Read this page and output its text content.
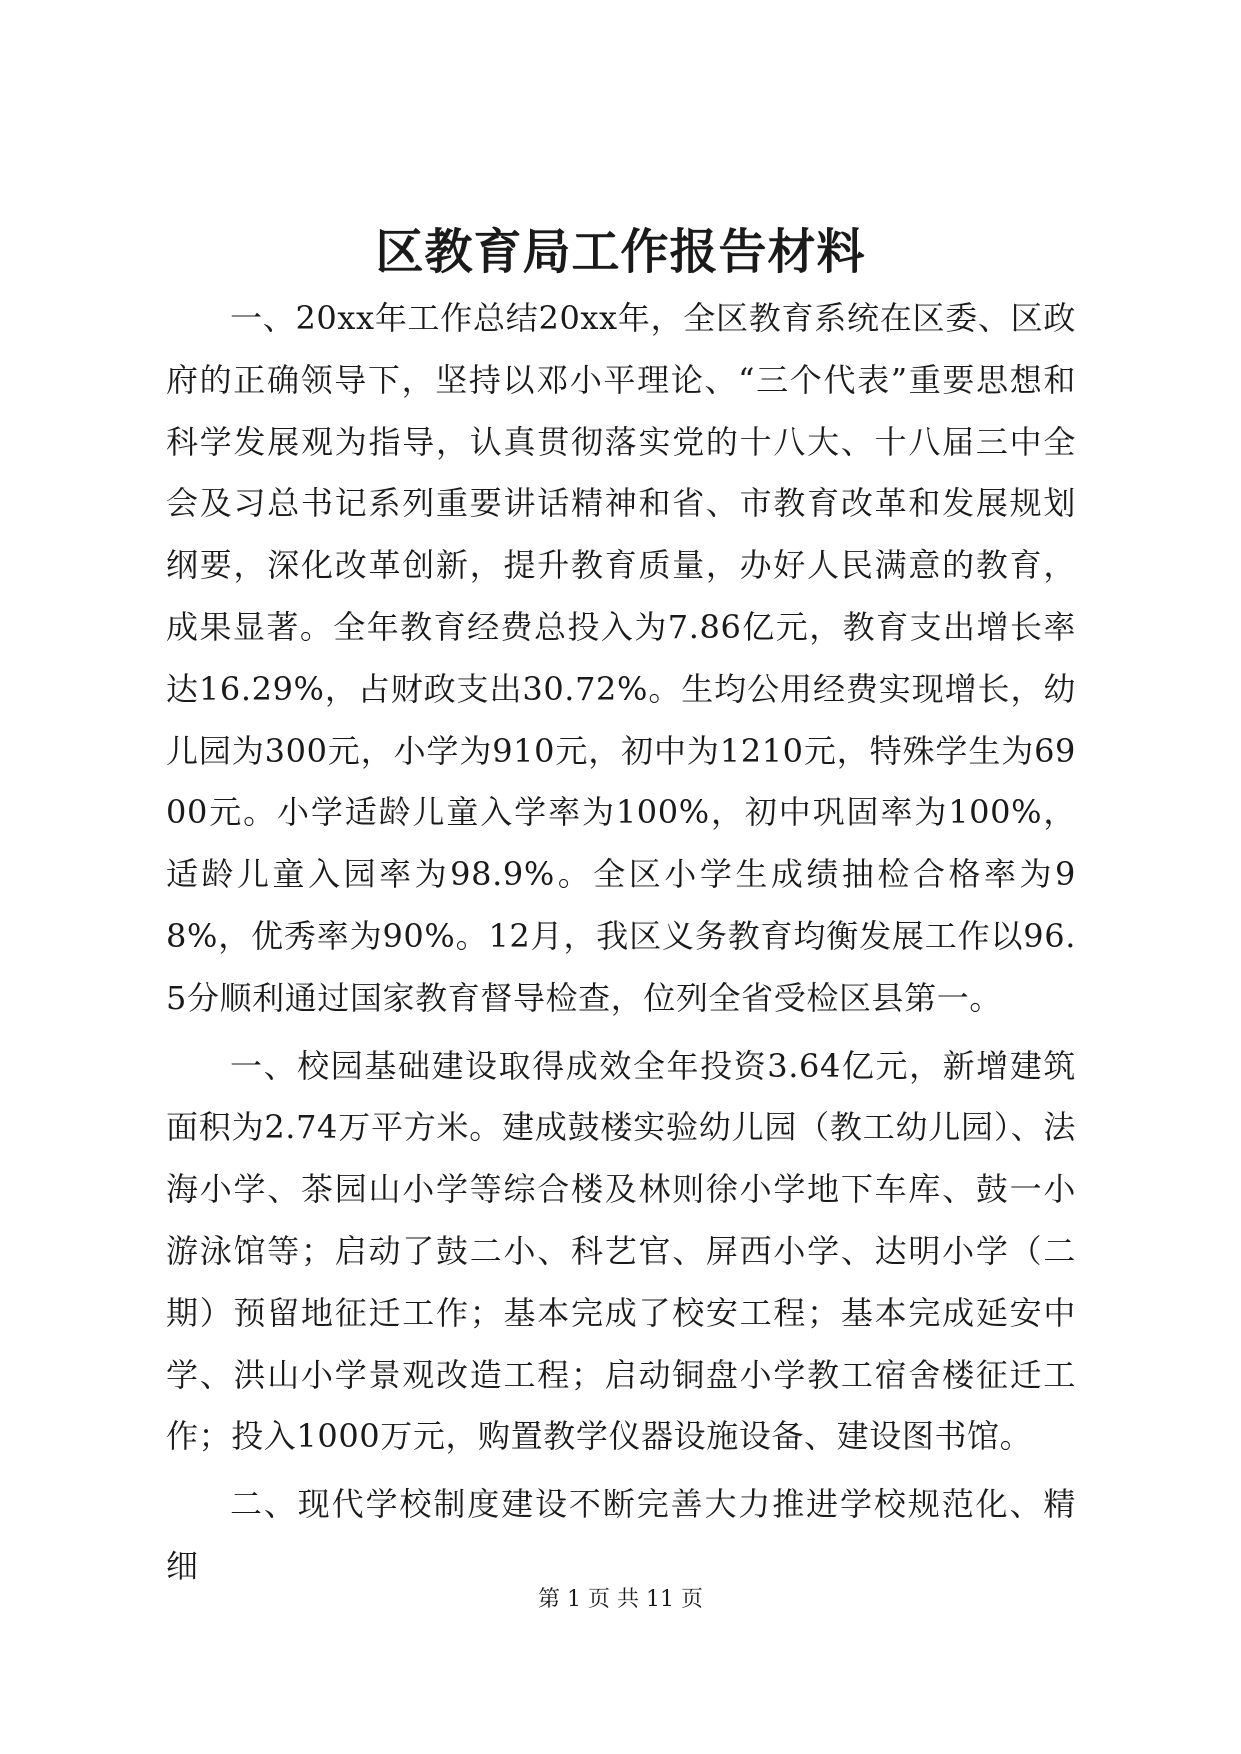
区教育局工作报告材料

一、20xx年工作总结20xx年，全区教育系统在区委、区政府的正确领导下，坚持以邓小平理论、“三个代表”重要思想和科学发展观为指导，认真贯彻落实党的十八大、十八届三中全会及习总书记系列重要讲话精神和省、市教育改革和发展规划纲要，深化改革创新，提升教育质量，办好人民满意的教育，成果显著。全年教育经费总投入为7.86亿元，教育支出增长率达16.29%，占财政支出30.72%。生均公用经费实现增长，幼儿园为300元，小学为910元，初中为1210元，特殊学生为6900元。小学适龄儿童入学率为100%，初中巩固率为100%，适龄儿童入园率为98.9%。全区小学生成绩抽检合格率为98%，优秀率为90%。12月，我区义务教育均衡发展工作以96.5分顺利通过国家教育督导检查，位列全省受检区县第一。

一、校园基础建设取得成效全年投资3.64亿元，新增建筑面积为2.74万平方米。建成鼓楼实验幼儿园（教工幼儿园）、法海小学、茶园山小学等综合楼及林则徐小学地下车库、鼓一小游泳馆等；启动了鼓二小、科艺官、屏西小学、达明小学（二期）预留地征迁工作；基本完成了校安工程；基本完成延安中学、洪山小学景观改造工程；启动铜盘小学教工宿舍楼征迁工作；投入1000万元，购置教学仪器设施设备、建设图书馆。

二、现代学校制度建设不断完善大力推进学校规范化、精细

第 1 页 共 11 页
